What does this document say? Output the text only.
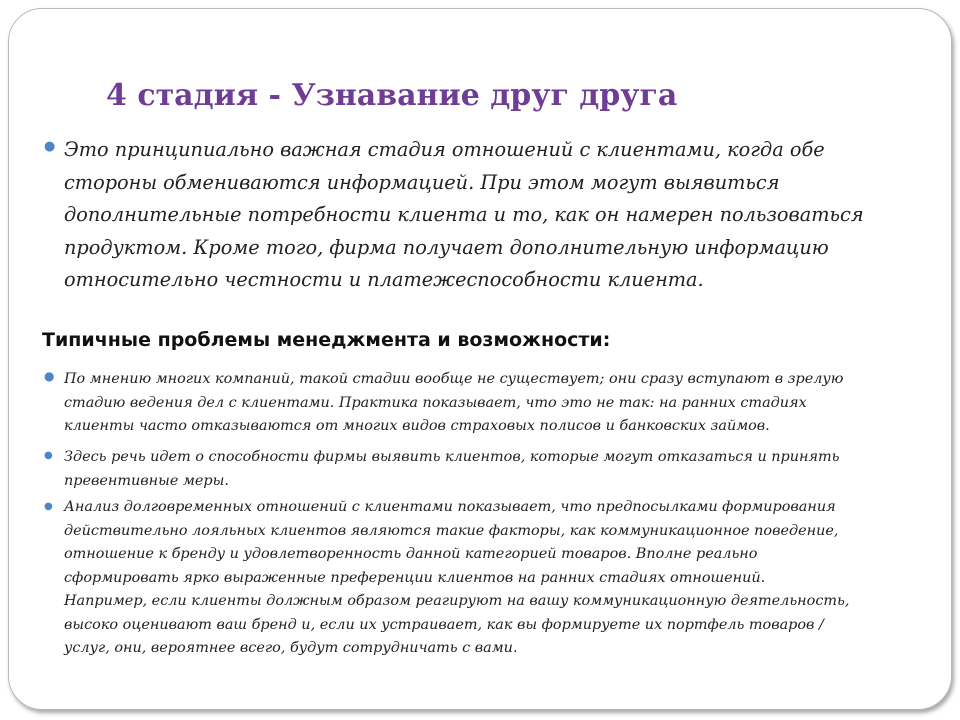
4 стадия - Узнавание друг друга
● Это принципиально важная стадия отношений с клиентами, когда обе
стороны обмениваются информацией. При этом могут выявиться
дополнительные потребности клиента и то, как он намерен пользоваться
продуктом. Кроме того, фирма получает дополнительную информацию
относительно честности и платежеспособности клиента.

Типичные проблемы менеджмента и возможности:
● По мнению многих компаний, такой стадии вообще не существует; они сразу вступают в зрелую
стадию ведения дел с клиентами. Практика показывает, что это не так: на ранних стадиях
клиенты часто отказываются от многих видов страховых полисов и банковских займов.

● Здесь речь идет о способности фирмы выявить клиентов, которые могут отказаться и принять
превентивные меры.

● Анализ долговременных отношений с клиентами показывает, что предпосылками формирования
действительно лояльных клиентов являются такие факторы, как коммуникационное поведение,
отношение к бренду и удовлетворенность данной категорией товаров. Вполне реально
сформировать ярко выраженные преференции клиентов на ранних стадиях отношений.
Например, если клиенты должным образом реагируют на вашу коммуникационную деятельность,
высоко оценивают ваш бренд и, если их устраивает, как вы формируете их портфель товаров /
услуг, они, вероятнее всего, будут сотрудничать с вами.
